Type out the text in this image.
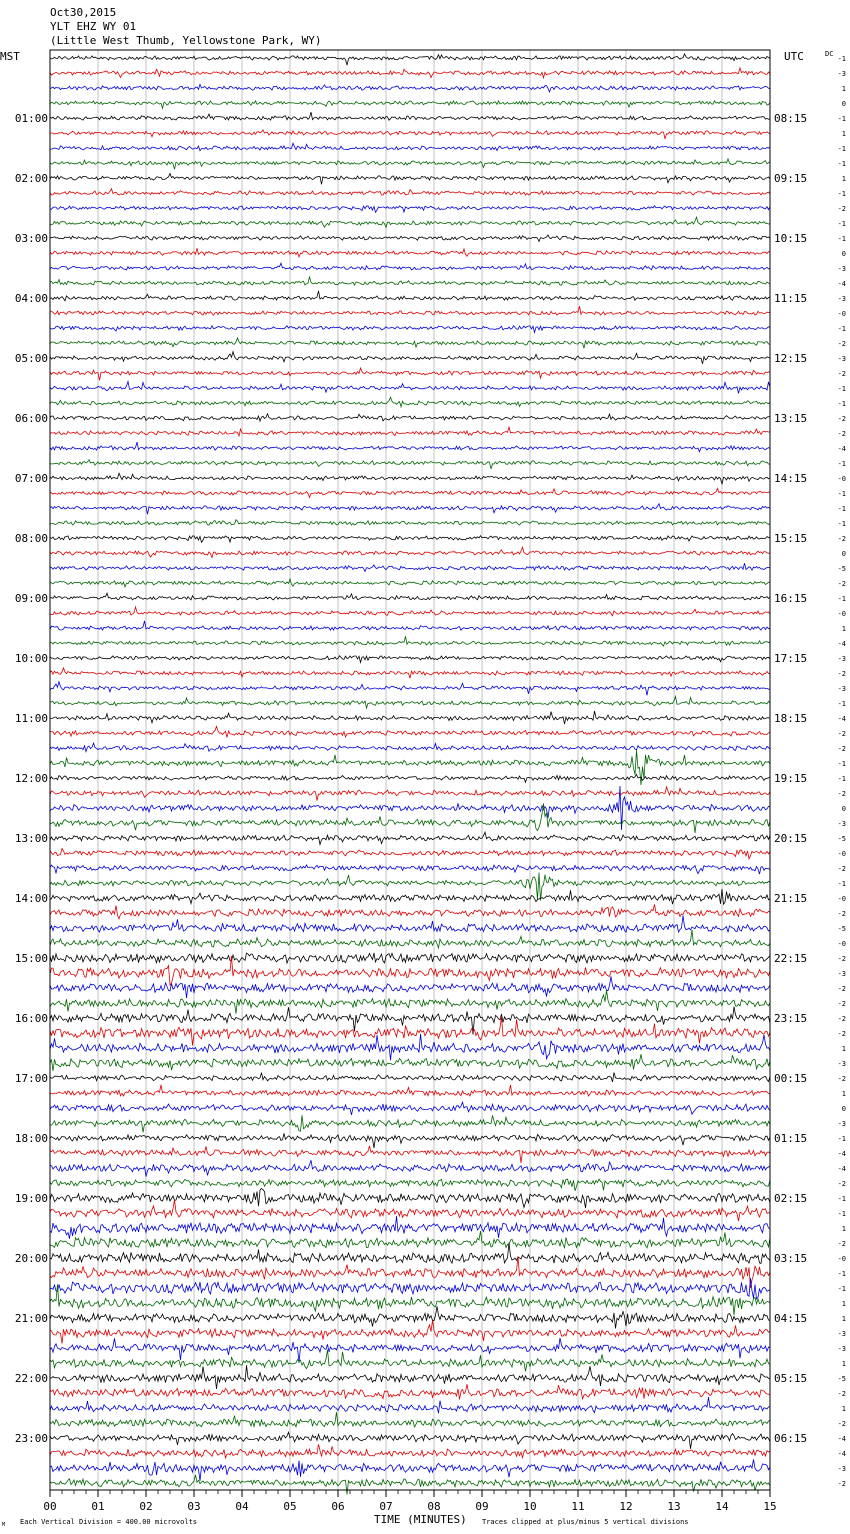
Oct30,2015
YLT EHZ WY 01
(Little West Thumb, Yellowstone Park, WY)
MST	UTC	DC
01:00
02:00
03:00
04:00
05:00
06:00
07:00
08:00
09:00
10:00
11:00
12:00
13:00
14:00
15:00
16:00
17:00
18:00
19:00
20:00
21:00
22:00
23:00
08:15
09:15
10:15
11:15
12:15
13:15
14:15
15:15
16:15
17:15
18:15
19:15
20:15
21:15
22:15
23:15
00:15
01:15
02:15
03:15
04:15
05:15
06:15
-1
-3
1
0
-1
1
-1
-1
1
-1
-2
-1
-1
0
-3
-4
-3
-0
-1
-2
-3
-2
-1
-1
-2
-2
-4
-1
-0
-1
-1
-1
-2
0
-5
-2
-1
-0
1
-4
-3
-2
-3
-1
-4
-2
-2
-1
-1
-2
0
-3
-5
-0
-2
-1
-0
-2
-5
-0
-2
-3
-2
-2
-2
-2
1
-3
-2
1
0
-3
-1
-4
-4
-2
-1
-1
1
-2
-0
-1
-1
1
1
-3
-3
1
-5
-2
1
-2
-4
-4
-3
-2
00	01	02	03	04	05	06	07	08	09	10	11	12	13	14	15
TIME (MINUTES)
Each Vertical Division = 400.00 microvolts	Traces clipped at plus/minus 5 vertical divisions
M
